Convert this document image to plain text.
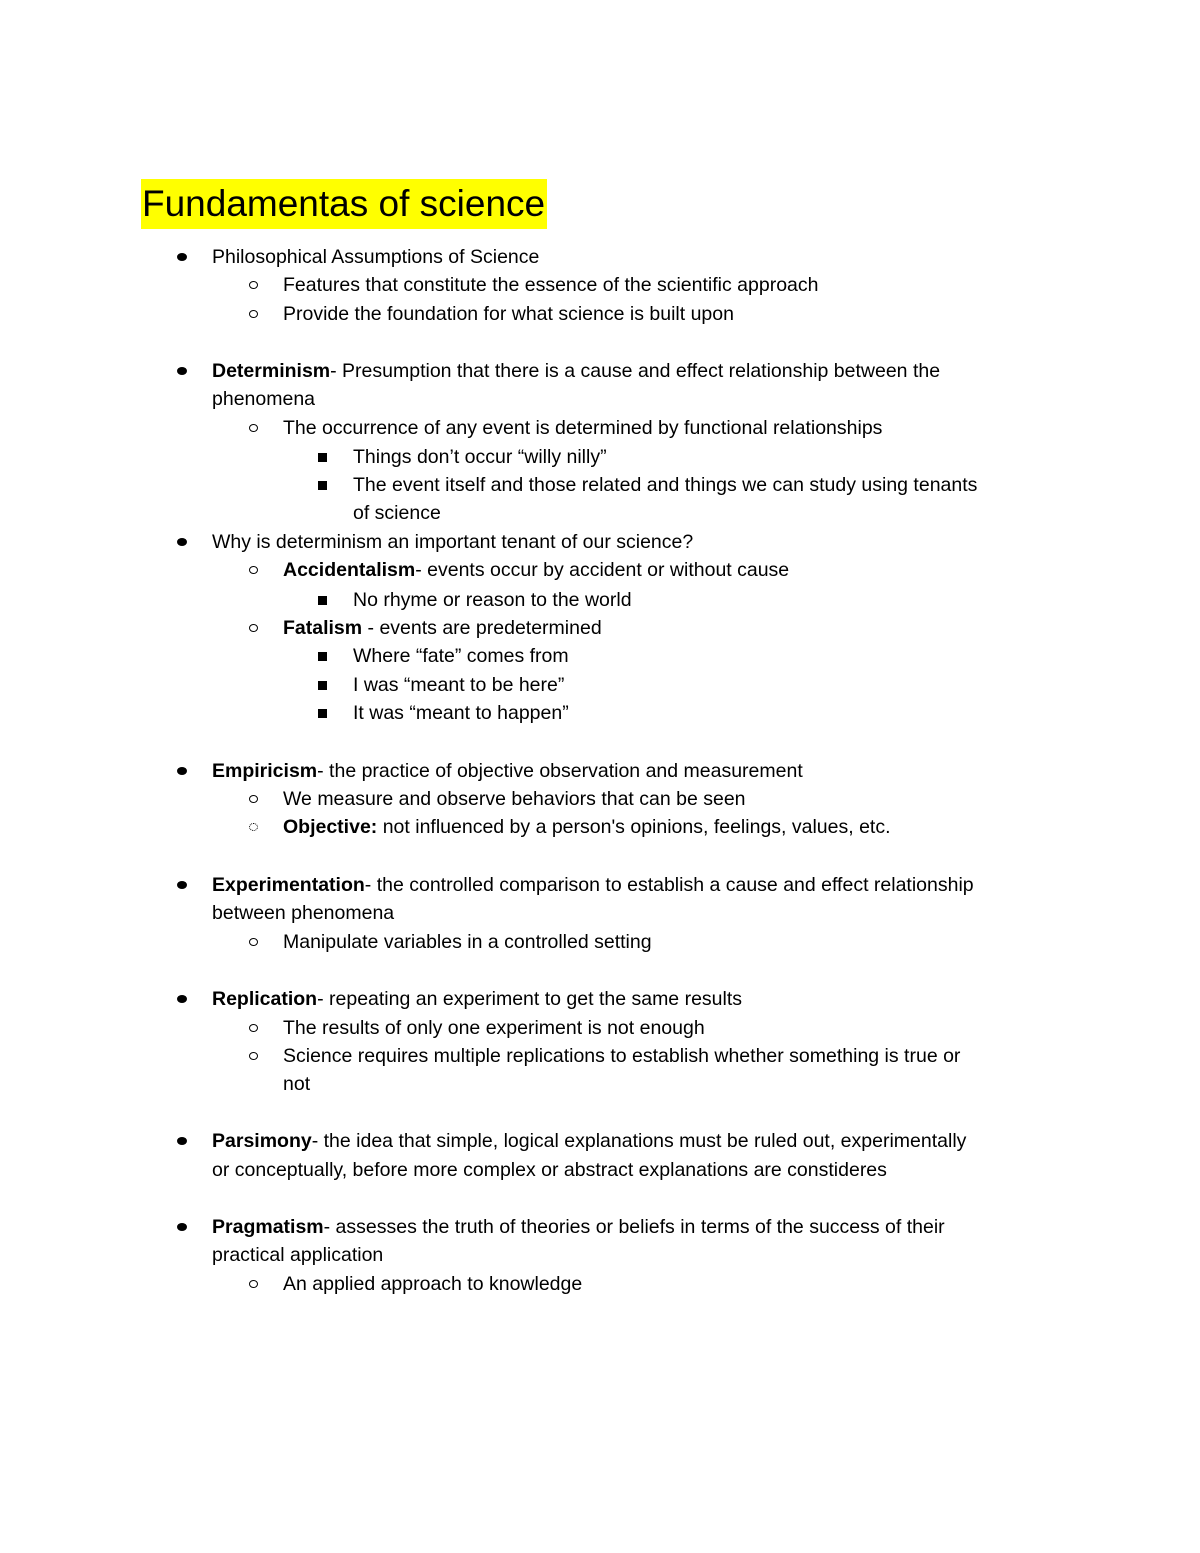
Fundamentas of science
Philosophical Assumptions of Science
Features that constitute the essence of the scientific approach
Provide the foundation for what science is built upon
Determinism- Presumption that there is a cause and effect relationship between the
phenomena
The occurrence of any event is determined by functional relationships
Things don’t occur “willy nilly”
The event itself and those related and things we can study using tenants
of science
Why is determinism an important tenant of our science?
Accidentalism- events occur by accident or without cause
No rhyme or reason to the world
Fatalism - events are predetermined
Where “fate” comes from
I was “meant to be here”
It was “meant to happen”
Empiricism- the practice of objective observation and measurement
We measure and observe behaviors that can be seen
Objective: not influenced by a person's opinions, feelings, values, etc.
Experimentation- the controlled comparison to establish a cause and effect relationship
between phenomena
Manipulate variables in a controlled setting
Replication- repeating an experiment to get the same results
The results of only one experiment is not enough
Science requires multiple replications to establish whether something is true or
not
Parsimony- the idea that simple, logical explanations must be ruled out, experimentally
or conceptually, before more complex or abstract explanations are constideres
Pragmatism- assesses the truth of theories or beliefs in terms of the success of their
practical application
An applied approach to knowledge
